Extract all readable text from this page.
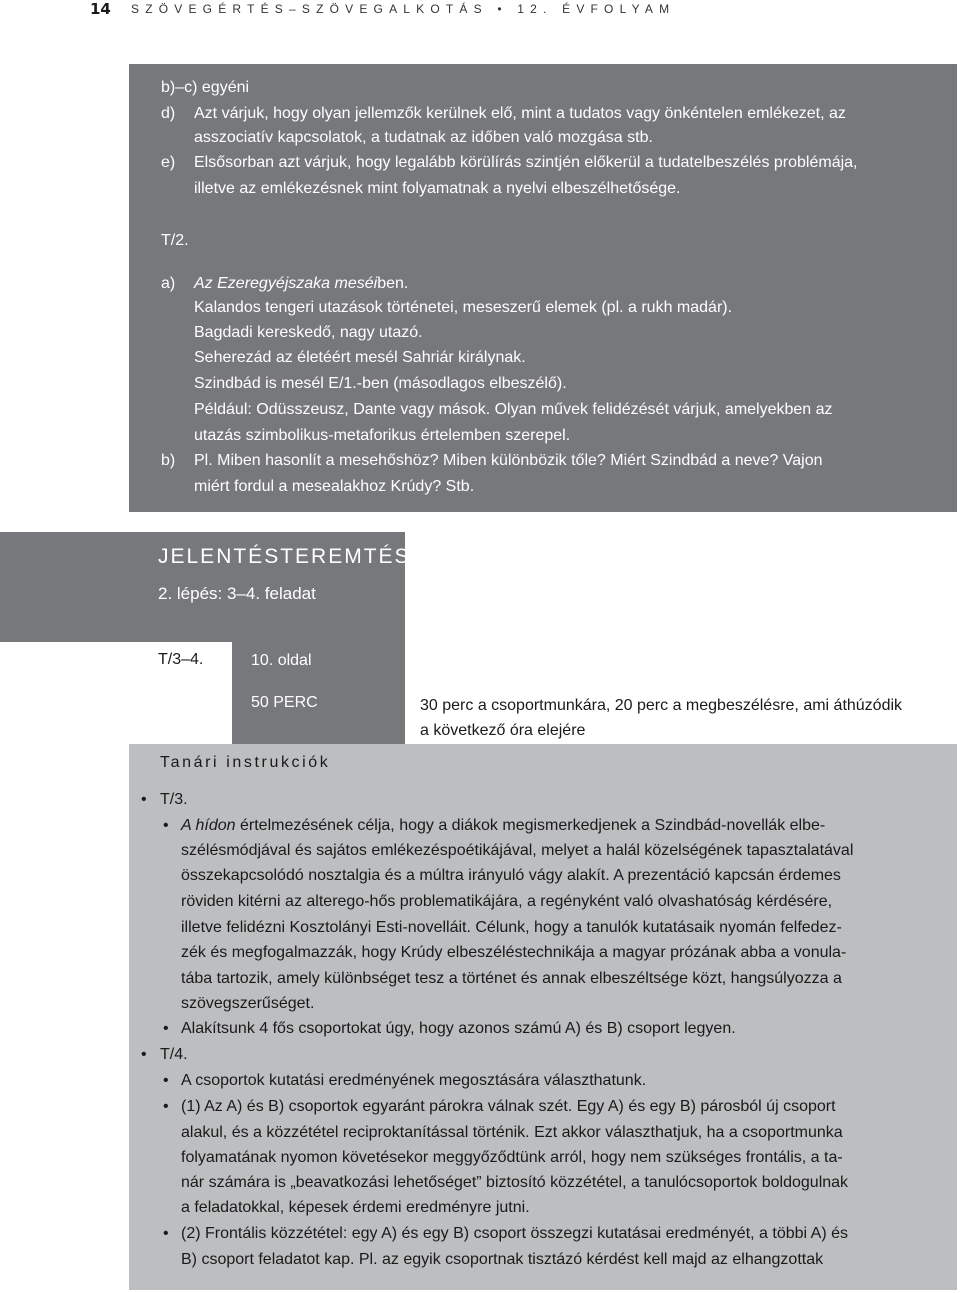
14 SZÖVEGÉRTÉS–SZÖVEGALKOTÁS • 12. ÉVFOLYAM
b)–c) egyéni
d) Azt várjuk, hogy olyan jellemzők kerülnek elő, mint a tudatos vagy önkéntelen emlékezet, az
asszociatív kapcsolatok, a tudatnak az időben való mozgása stb.
e) Elsősorban azt várjuk, hogy legalább körülírás szintjén előkerül a tudatelbeszélés problémája,
illetve az emlékezésnek mint folyamatnak a nyelvi elbeszélhetősége.
T/2.
a) Az Ezeregyéjszaka meséiben.
Kalandos tengeri utazások történetei, meseszerű elemek (pl. a rukh madár).
Bagdadi kereskedő, nagy utazó.
Seherezád az életéért mesél Sahriár királynak.
Szindbád is mesél E/1.-ben (másodlagos elbeszélő).
Például: Odüsszeusz, Dante vagy mások. Olyan művek felidézését várjuk, amelyekben az
utazás szimbolikus-metaforikus értelemben szerepel.
b) Pl. Miben hasonlít a mesehőshöz? Miben különbözik tőle? Miért Szindbád a neve? Vajon
miért fordul a mesealakhoz Krúdy? Stb.
JELENTÉSTEREMTÉS
2. lépés: 3–4. feladat
T/3–4.	10. oldal
50 PERC	30 perc a csoportmunkára, 20 perc a megbeszélésre, ami áthúzódik
a következő óra elejére
Tanári instrukciók
• T/3.
• A hídon értelmezésének célja, hogy a diákok megismerkedjenek a Szindbád-novellák elbe-
szélésmódjával és sajátos emlékezéspoétikájával, melyet a halál közelségének tapasztalatával
összekapcsolódó nosztalgia és a múltra irányuló vágy alakít. A prezentáció kapcsán érdemes
röviden kitérni az alterego-hős problematikájára, a regényként való olvashatóság kérdésére,
illetve felidézni Kosztolányi Esti-novelláit. Célunk, hogy a tanulók kutatásaik nyomán felfedez-
zék és megfogalmazzák, hogy Krúdy elbeszéléstechnikája a magyar prózának abba a vonula-
tába tartozik, amely különbséget tesz a történet és annak elbeszéltsége közt, hangsúlyozza a
szövegszerűséget.
• Alakítsunk 4 fős csoportokat úgy, hogy azonos számú A) és B) csoport legyen.
• T/4.
• A csoportok kutatási eredményének megosztására választhatunk.
• (1) Az A) és B) csoportok egyaránt párokra válnak szét. Egy A) és egy B) párosból új csoport
alakul, és a közzététel reciproktanítással történik. Ezt akkor választhatjuk, ha a csoportmunka
folyamatának nyomon követésekor meggyőződtünk arról, hogy nem szükséges frontális, a ta-
nár számára is „beavatkozási lehetőséget” biztosító közzététel, a tanulócsoportok boldogulnak
a feladatokkal, képesek érdemi eredményre jutni.
• (2) Frontális közzététel: egy A) és egy B) csoport összegzi kutatásai eredményét, a többi A) és
B) csoport feladatot kap. Pl. az egyik csoportnak tisztázó kérdést kell majd az elhangzottak
